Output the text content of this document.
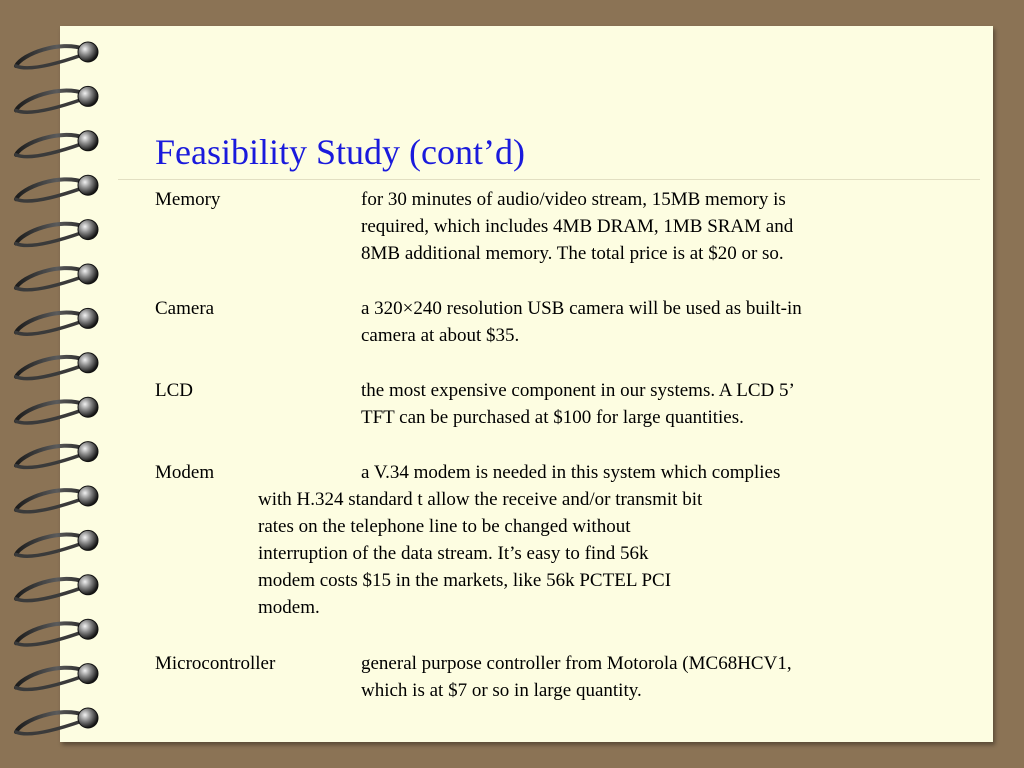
Feasibility Study (cont’d)
Memory	for 30 minutes of audio/video stream, 15MB memory is
required, which includes 4MB DRAM, 1MB SRAM and
8MB additional memory. The total price is at $20 or so.
Camera	a 320×240 resolution USB camera will be used as built-in
camera at about $35.
LCD	the most expensive component in our systems. A LCD 5’
TFT can be purchased at $100 for large quantities.
Modem	a V.34 modem is needed in this system which complies
with H.324 standard t allow the receive and/or transmit bit
rates on the telephone line to be changed without
interruption of the data stream. It’s easy to find 56k
modem costs $15 in the markets, like 56k PCTEL PCI
modem.
Microcontroller	general purpose controller from Motorola (MC68HCV1,
which is at $7 or so in large quantity.
